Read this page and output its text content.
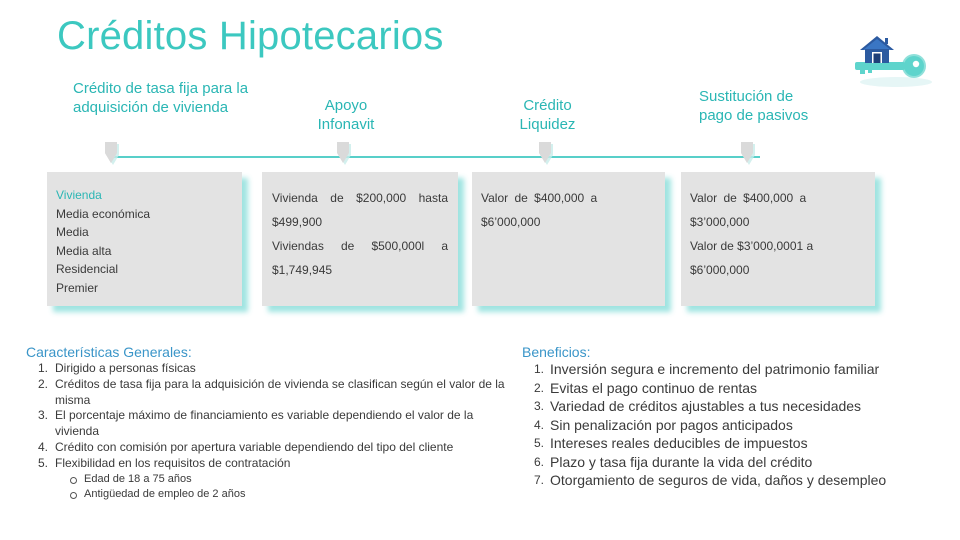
Créditos Hipotecarios
Crédito de tasa fija para la adquisición de vivienda	Apoyo Infonavit
Crédito Liquidez
Sustitución de pago de pasivos
Vivienda
Media económica
Media
Media alta
Residencial
Premier
Vivienda de $200,000 hasta
$499,900
Viviendas de $500,000l a
$1,749,945
Valor de $400,000 a
$6’000,000
Valor de $400,000 a
$3’000,000
Valor de $3’000,0001 a
$6’000,000
Características Generales:
1. Dirigido a personas físicas
2. Créditos de tasa fija para la adquisición de vivienda se clasifican según el valor de la misma
3. El porcentaje máximo de financiamiento es variable dependiendo el valor de la vivienda
4. Crédito con comisión por apertura variable dependiendo del tipo del cliente
5. Flexibilidad en los requisitos de contratación
Edad de 18 a 75 años
Antigüedad de empleo de 2 años
Beneficios:
1. Inversión segura e incremento del patrimonio familiar
2. Evitas el pago continuo de rentas
3. Variedad de créditos ajustables a tus necesidades
4. Sin penalización por pagos anticipados
5. Intereses reales deducibles de impuestos
6. Plazo y tasa fija durante la vida del crédito
7. Otorgamiento de seguros de vida, daños y desempleo
